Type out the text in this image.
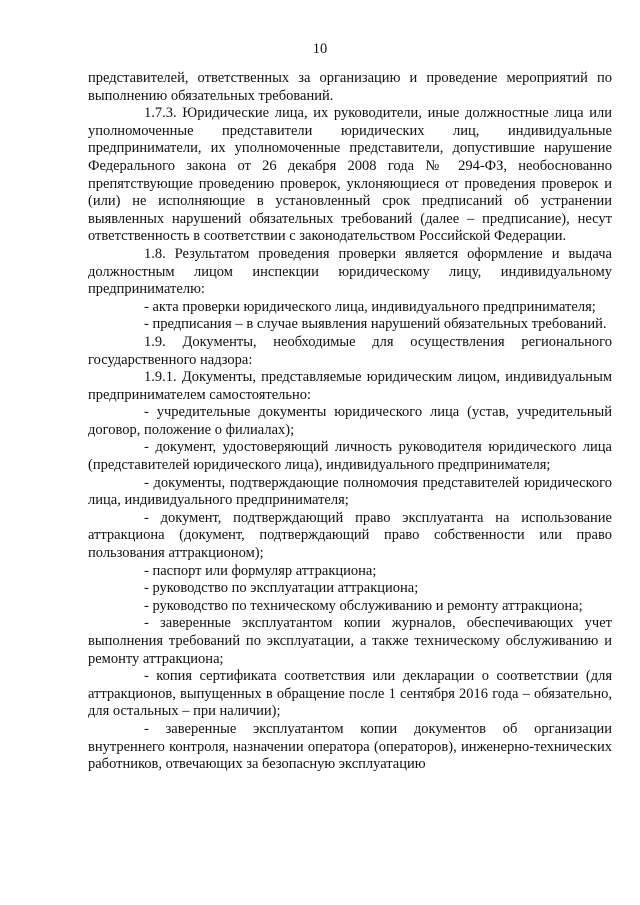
10

представителей, ответственных за организацию и проведение мероприятий по выполнению обязательных требований.

1.7.3. Юридические лица, их руководители, иные должностные лица или уполномоченные представители юридических лиц, индивидуальные предприниматели, их уполномоченные представители, допустившие нарушение Федерального закона от 26 декабря 2008 года № 294-ФЗ, необоснованно препятствующие проведению проверок, уклоняющиеся от проведения проверок и (или) не исполняющие в установленный срок предписаний об устранении выявленных нарушений обязательных требований (далее – предписание), несут ответственность в соответствии с законодательством Российской Федерации.

1.8. Результатом проведения проверки является оформление и выдача должностным лицом инспекции юридическому лицу, индивидуальному предпринимателю:

- акта проверки юридического лица, индивидуального предпринимателя;

- предписания – в случае выявления нарушений обязательных требований.

1.9. Документы, необходимые для осуществления регионального государственного надзора:

1.9.1. Документы, представляемые юридическим лицом, индивидуальным предпринимателем самостоятельно:

- учредительные документы юридического лица (устав, учредительный договор, положение о филиалах);

- документ, удостоверяющий личность руководителя юридического лица (представителей юридического лица), индивидуального предпринимателя;

- документы, подтверждающие полномочия представителей юридического лица, индивидуального предпринимателя;

- документ, подтверждающий право эксплуатанта на использование аттракциона (документ, подтверждающий право собственности или право пользования аттракционом);

- паспорт или формуляр аттракциона;

- руководство по эксплуатации аттракциона;

- руководство по техническому обслуживанию и ремонту аттракциона;

- заверенные эксплуатантом копии журналов, обеспечивающих учет выполнения требований по эксплуатации, а также техническому обслуживанию и ремонту аттракциона;

- копия сертификата соответствия или декларации о соответствии (для аттракционов, выпущенных в обращение после 1 сентября 2016 года – обязательно, для остальных – при наличии);

- заверенные эксплуатантом копии документов об организации внутреннего контроля, назначении оператора (операторов), инженерно-технических работников, отвечающих за безопасную эксплуатацию
